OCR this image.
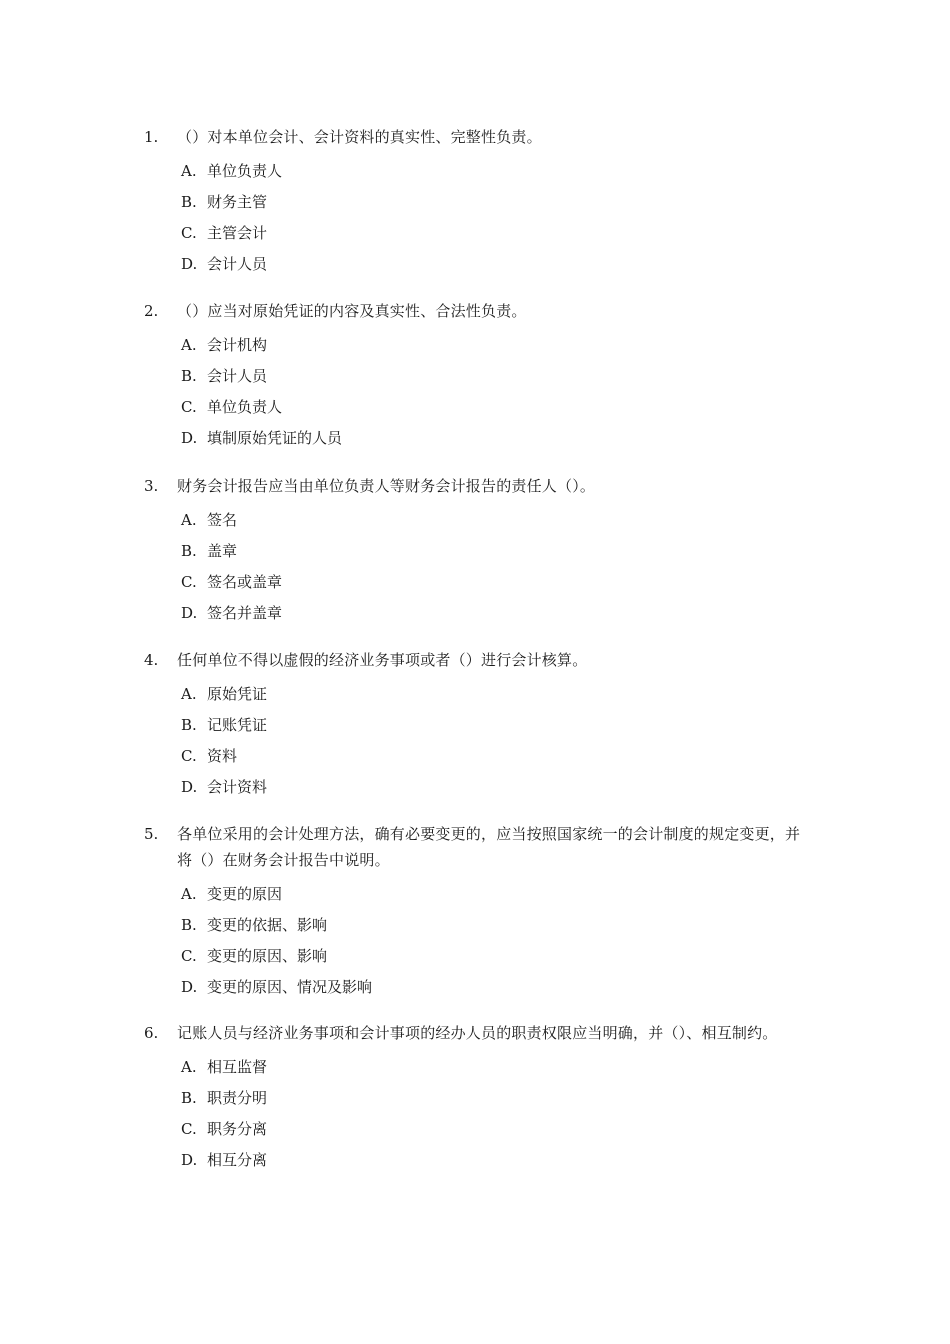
1.	（）对本单位会计、会计资料的真实性、完整性负责。
A. 单位负责人
B. 财务主管
C. 主管会计
D. 会计人员
2.	（）应当对原始凭证的内容及真实性、合法性负责。
A. 会计机构
B. 会计人员
C. 单位负责人
D. 填制原始凭证的人员
3.	财务会计报告应当由单位负责人等财务会计报告的责任人（）。
A. 签名
B. 盖章
C. 签名或盖章
D. 签名并盖章
4.	任何单位不得以虚假的经济业务事项或者（）进行会计核算。
A. 原始凭证
B. 记账凭证
C. 资料
D. 会计资料
5.	各单位采用的会计处理方法，确有必要变更的，应当按照国家统一的会计制度的规定变更，并将（）在财务会计报告中说明。
A. 变更的原因
B. 变更的依据、影响
C. 变更的原因、影响
D. 变更的原因、情况及影响
6.	记账人员与经济业务事项和会计事项的经办人员的职责权限应当明确，并（）、相互制约。
A. 相互监督
B. 职责分明
C. 职务分离
D. 相互分离
